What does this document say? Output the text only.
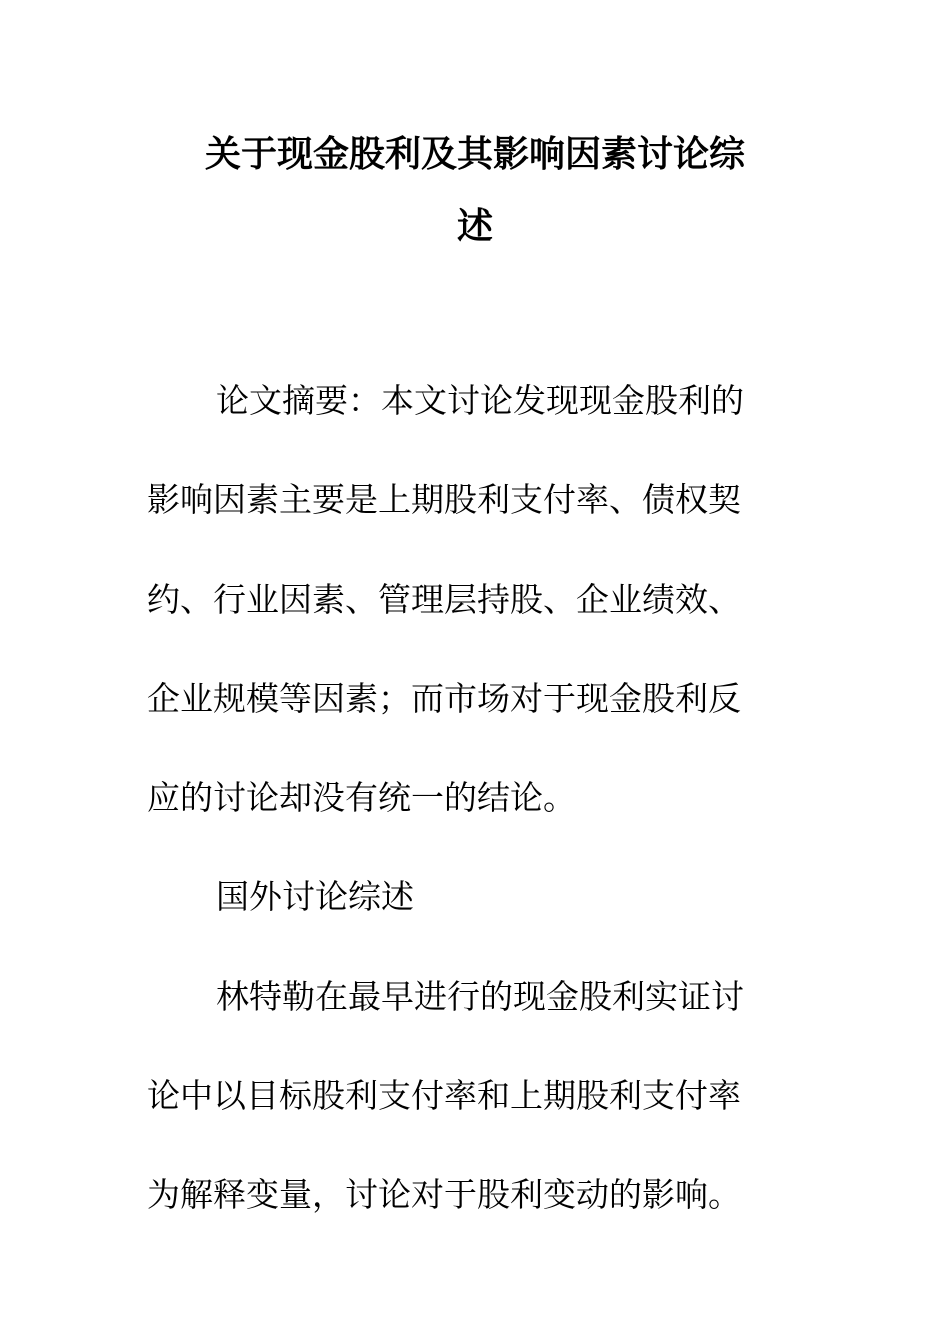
关于现金股利及其影响因素讨论综
述
论文摘要：本文讨论发现现金股利的
影响因素主要是上期股利支付率、债权契
约、行业因素、管理层持股、企业绩效、
企业规模等因素；而市场对于现金股利反
应的讨论却没有统一的结论。
国外讨论综述
林特勒在最早进行的现金股利实证讨
论中以目标股利支付率和上期股利支付率
为解释变量，讨论对于股利变动的影响。
